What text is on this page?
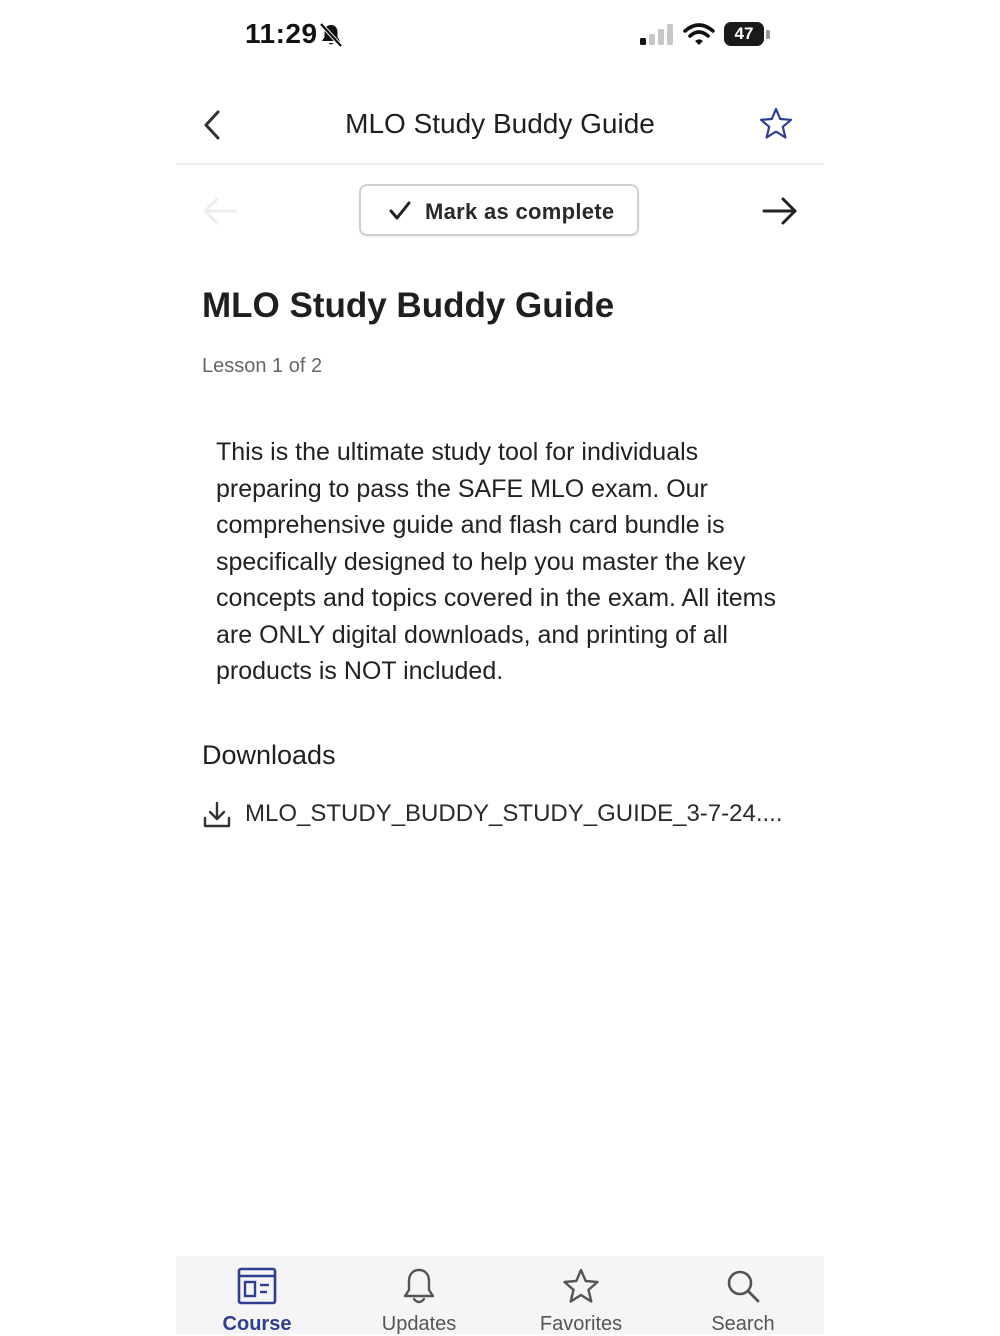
11:29	47
MLO Study Buddy Guide
Mark as complete
MLO Study Buddy Guide
Lesson 1 of 2
This is the ultimate study tool for individuals preparing to pass the SAFE MLO exam. Our comprehensive guide and flash card bundle is specifically designed to help you master the key concepts and topics covered in the exam. All items are ONLY digital downloads, and printing of all products is NOT included.
Downloads
MLO_STUDY_BUDDY_STUDY_GUIDE_3-7-24....
Course	Updates	Favorites	Search
